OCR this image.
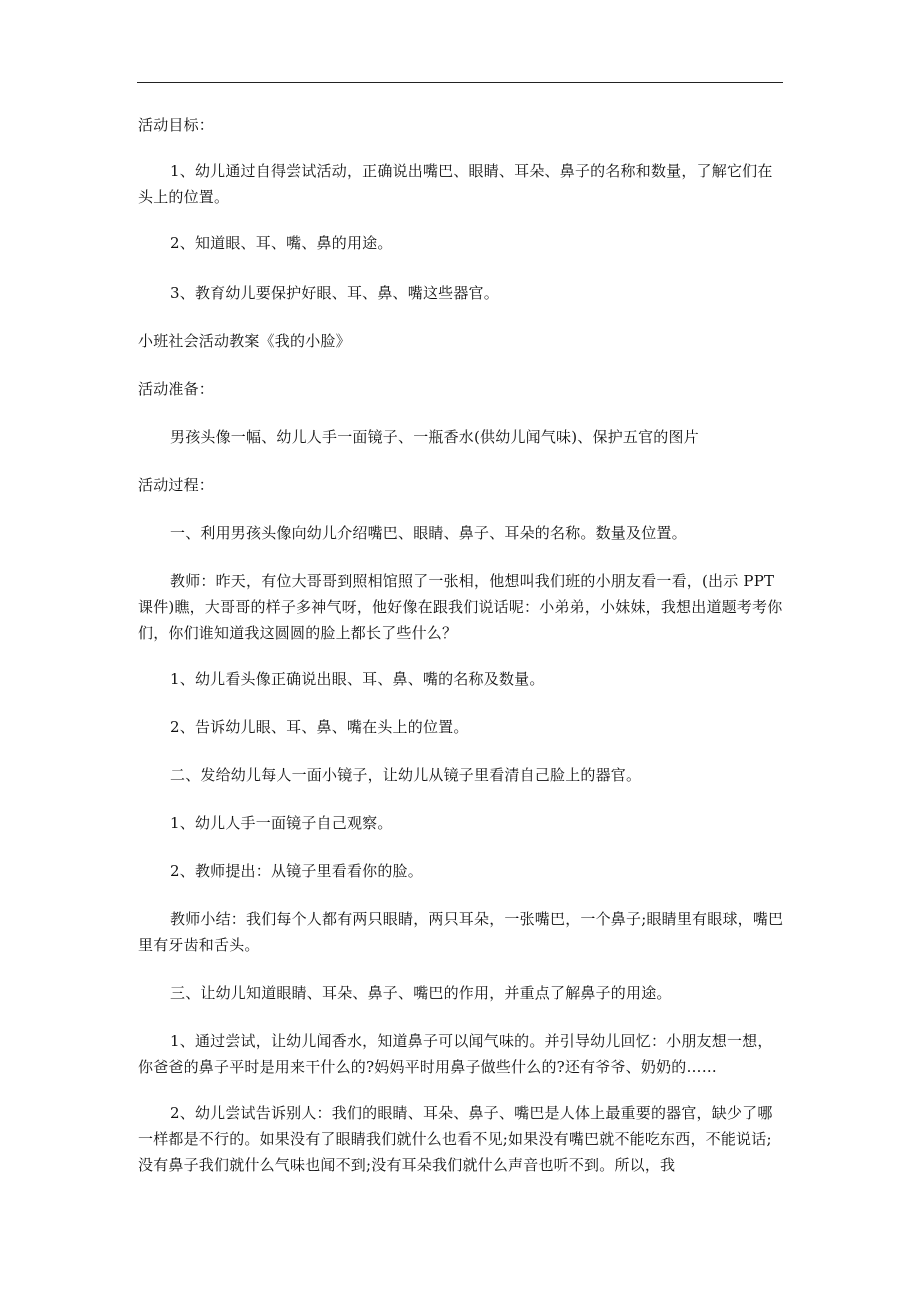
活动目标：

1、幼儿通过自得尝试活动，正确说出嘴巴、眼睛、耳朵、鼻子的名称和数量，了解它们在头上的位置。

2、知道眼、耳、嘴、鼻的用途。

3、教育幼儿要保护好眼、耳、鼻、嘴这些器官。

小班社会活动教案《我的小脸》

活动准备：

男孩头像一幅、幼儿人手一面镜子、一瓶香水(供幼儿闻气味)、保护五官的图片

活动过程：

一、利用男孩头像向幼儿介绍嘴巴、眼睛、鼻子、耳朵的名称。数量及位置。

教师：昨天，有位大哥哥到照相馆照了一张相，他想叫我们班的小朋友看一看，(出示 PPT 课件)瞧，大哥哥的样子多神气呀，他好像在跟我们说话呢：小弟弟，小妹妹，我想出道题考考你们，你们谁知道我这圆圆的脸上都长了些什么？

1、幼儿看头像正确说出眼、耳、鼻、嘴的名称及数量。

2、告诉幼儿眼、耳、鼻、嘴在头上的位置。

二、发给幼儿每人一面小镜子，让幼儿从镜子里看清自己脸上的器官。

1、幼儿人手一面镜子自己观察。

2、教师提出：从镜子里看看你的脸。

教师小结：我们每个人都有两只眼睛，两只耳朵，一张嘴巴，一个鼻子;眼睛里有眼球，嘴巴里有牙齿和舌头。

三、让幼儿知道眼睛、耳朵、鼻子、嘴巴的作用，并重点了解鼻子的用途。

1、通过尝试，让幼儿闻香水，知道鼻子可以闻气味的。并引导幼儿回忆：小朋友想一想，你爸爸的鼻子平时是用来干什么的?妈妈平时用鼻子做些什么的?还有爷爷、奶奶的……

2、幼儿尝试告诉别人：我们的眼睛、耳朵、鼻子、嘴巴是人体上最重要的器官，缺少了哪一样都是不行的。如果没有了眼睛我们就什么也看不见;如果没有嘴巴就不能吃东西，不能说话;没有鼻子我们就什么气味也闻不到;没有耳朵我们就什么声音也听不到。所以，我
